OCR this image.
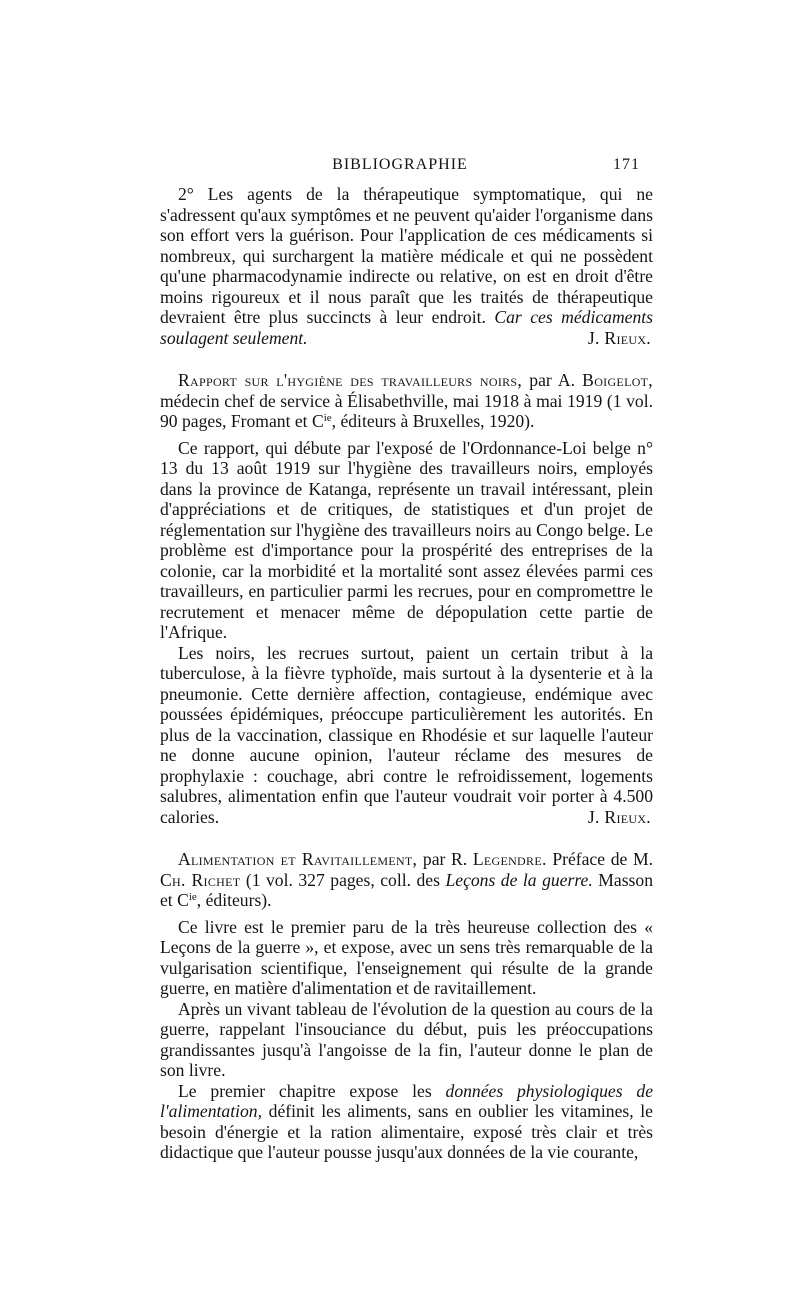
BIBLIOGRAPHIE	171

2° Les agents de la thérapeutique symptomatique, qui ne s'adressent qu'aux symptômes et ne peuvent qu'aider l'organisme dans son effort vers la guérison. Pour l'application de ces médicaments si nombreux, qui surchargent la matière médicale et qui ne possèdent qu'une pharmacodynamie indirecte ou relative, on est en droit d'être moins rigoureux et il nous paraît que les traités de thérapeutique devraient être plus succincts à leur endroit. Car ces médicaments soulagent seulement.	J. Rieux.

Rapport sur l'hygiène des travailleurs noirs, par A. Boigelot, médecin chef de service à Élisabethville, mai 1918 à mai 1919 (1 vol. 90 pages, Fromant et $C^{ie}$, éditeurs à Bruxelles, 1920).

Ce rapport, qui débute par l'exposé de l'Ordonnance-Loi belge n° 13 du 13 août 1919 sur l'hygiène des travailleurs noirs, employés dans la province de Katanga, représente un travail intéressant, plein d'appréciations et de critiques, de statistiques et d'un projet de réglementation sur l'hygiène des travailleurs noirs au Congo belge. Le problème est d'importance pour la prospérité des entreprises de la colonie, car la morbidité et la mortalité sont assez élevées parmi ces travailleurs, en particulier parmi les recrues, pour en compromettre le recrutement et menacer même de dépopulation cette partie de l'Afrique.

Les noirs, les recrues surtout, paient un certain tribut à la tuberculose, à la fièvre typhoïde, mais surtout à la dysenterie et à la pneumonie. Cette dernière affection, contagieuse, endémique avec poussées épidémiques, préoccupe particulièrement les autorités. En plus de la vaccination, classique en Rhodésie et sur laquelle l'auteur ne donne aucune opinion, l'auteur réclame des mesures de prophylaxie : couchage, abri contre le refroidissement, logements salubres, alimentation enfin que l'auteur voudrait voir porter à 4.500 calories.	J. Rieux.

Alimentation et Ravitaillement, par R. Legendre. Préface de M. Ch. Richet (1 vol. 327 pages, coll. des Leçons de la guerre. Masson et $C^{ie}$, éditeurs).

Ce livre est le premier paru de la très heureuse collection des « Leçons de la guerre », et expose, avec un sens très remarquable de la vulgarisation scientifique, l'enseignement qui résulte de la grande guerre, en matière d'alimentation et de ravitaillement.

Après un vivant tableau de l'évolution de la question au cours de la guerre, rappelant l'insouciance du début, puis les préoccupations grandissantes jusqu'à l'angoisse de la fin, l'auteur donne le plan de son livre.

Le premier chapitre expose les données physiologiques de l'alimentation, définit les aliments, sans en oublier les vitamines, le besoin d'énergie et la ration alimentaire, exposé très clair et très didactique que l'auteur pousse jusqu'aux données de la vie courante,
